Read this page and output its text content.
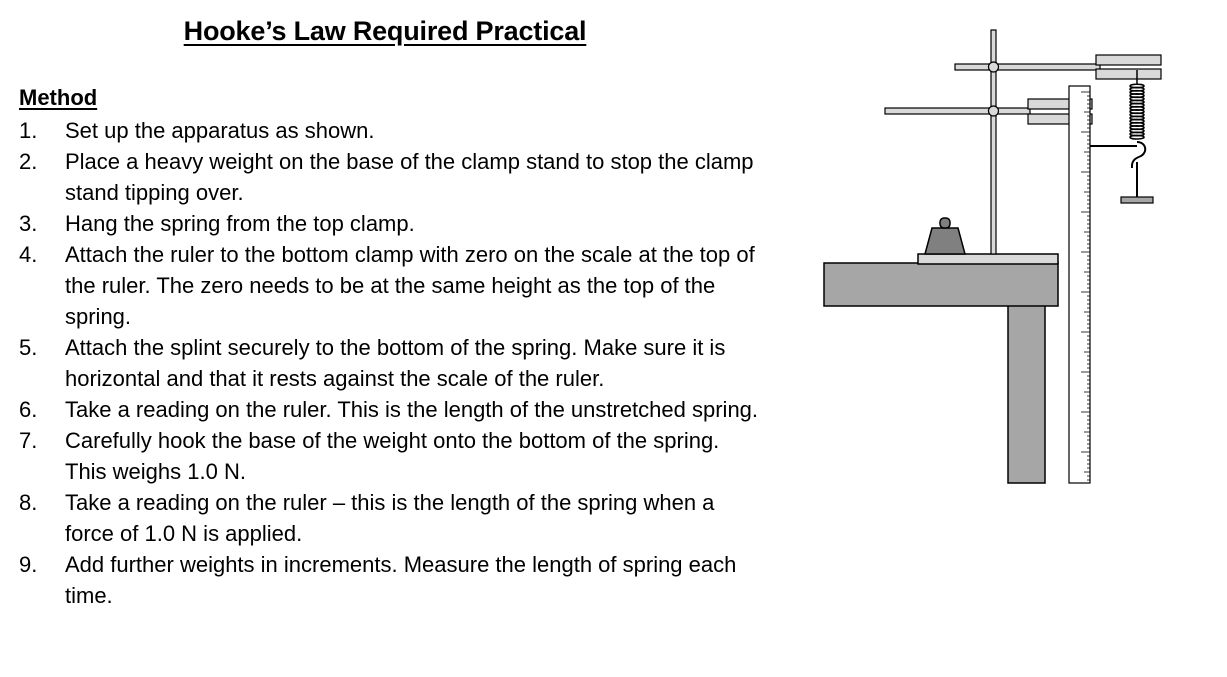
Hooke’s Law Required Practical
Method
1.	Set up the apparatus as shown.
2.	Place a heavy weight on the base of the clamp stand to stop the clamp stand tipping over.
3.	Hang the spring from the top clamp.
4.	Attach the ruler to the bottom clamp with zero on the scale at the top of the ruler. The zero needs to be at the same height as the top of the spring.
5.	Attach the splint securely to the bottom of the spring. Make sure it is horizontal and that it rests against the scale of the ruler.
6.	Take a reading on the ruler. This is the length of the unstretched spring.
7.	Carefully hook the base of the weight onto the bottom of the spring. This weighs 1.0 N.
8.	Take a reading on the ruler – this is the length of the spring when a force of 1.0 N is applied.
9.	Add further weights in increments. Measure the length of spring each time.
